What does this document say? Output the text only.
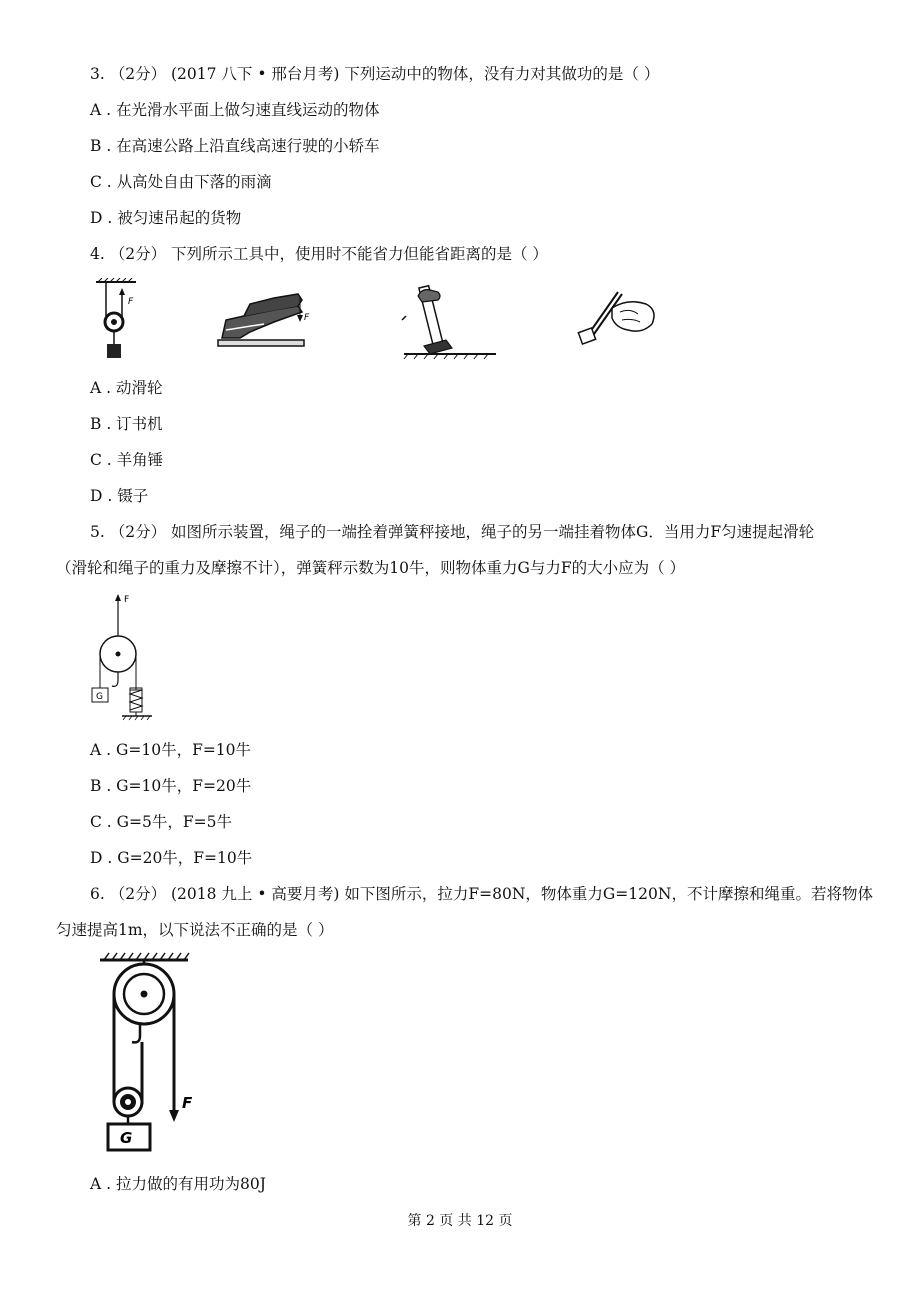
3. （2分） (2017 八下 • 邢台月考) 下列运动中的物体，没有力对其做功的是（ ）
A . 在光滑水平面上做匀速直线运动的物体
B . 在高速公路上沿直线高速行驶的小轿车
C . 从高处自由下落的雨滴
D . 被匀速吊起的货物
4. （2分） 下列所示工具中，使用时不能省力但能省距离的是（ ）
F
F
A . 动滑轮
B . 订书机
C . 羊角锤
D . 镊子
5. （2分） 如图所示装置，绳子的一端拴着弹簧秤接地，绳子的另一端挂着物体G．当用力F匀速提起滑轮
（滑轮和绳子的重力及摩擦不计），弹簧秤示数为10牛，则物体重力G与力F的大小应为（ ）
F
G
A . G=10牛，F=10牛
B . G=10牛，F=20牛
C . G=5牛，F=5牛
D . G=20牛，F=10牛
6. （2分） (2018 九上 • 高要月考) 如下图所示，拉力F=80N，物体重力G=120N，不计摩擦和绳重。若将物体
匀速提高1m，以下说法不正确的是（ ）
F
G
A . 拉力做的有用功为80J
第 2 页 共 12 页
